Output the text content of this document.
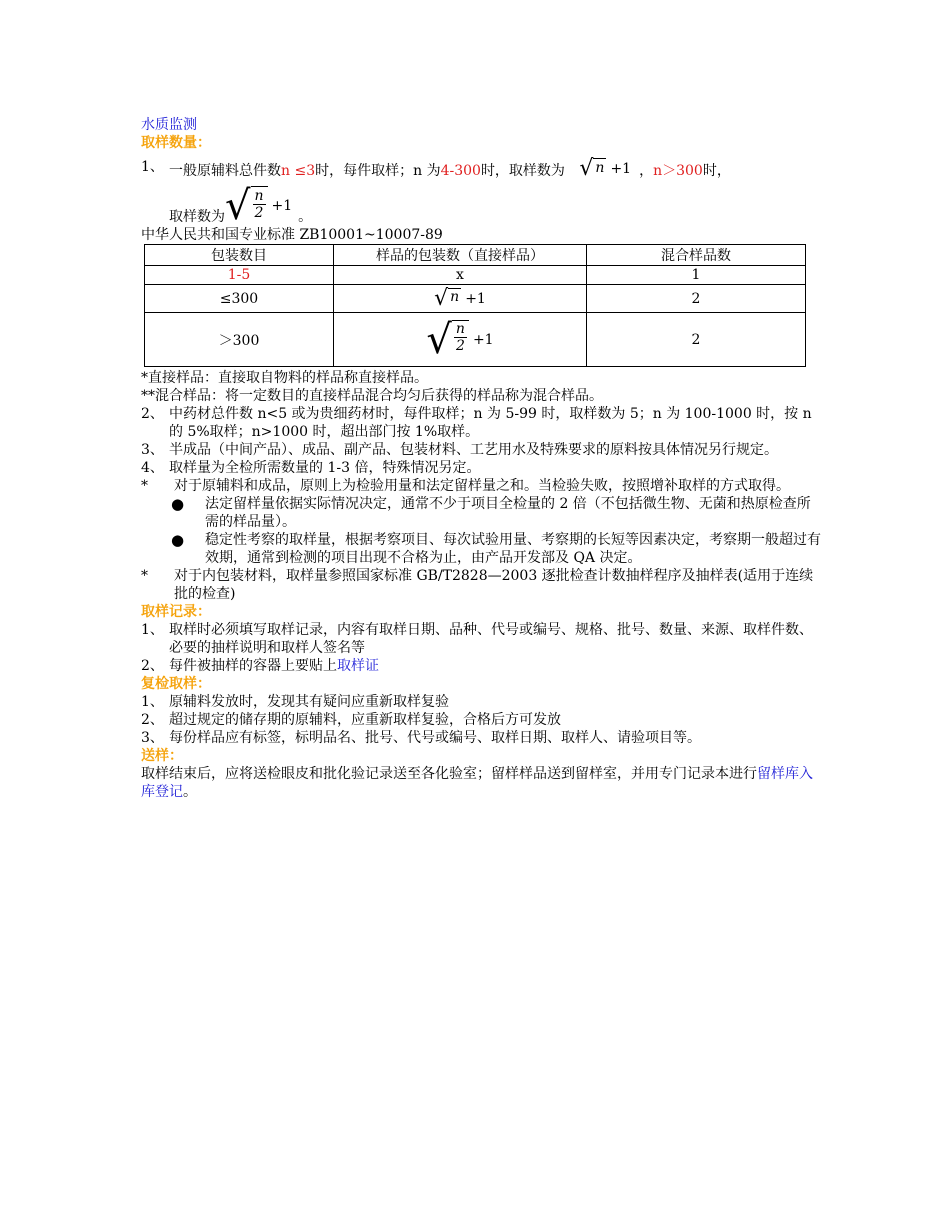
水质监测
取样数量：
1、 一般原辅料总件数n ≤3时，每件取样；n 为4-300时，取样数为 √ n +1 ，n＞300时，
取样数为 √ $\frac{n}{2} +1$
。
中华人民共和国专业标准 ZB10001~10007-89
包装数目	样品的包装数（直接样品）	混合样品数
1-5	x	1
≤300	√ n +1	2
＞300	√ $\frac{n}{2} +1$	2
*直接样品：直接取自物料的样品称直接样品。
**混合样品：将一定数目的直接样品混合均匀后获得的样品称为混合样品。
2、 中药材总件数 n<5 或为贵细药材时，每件取样；n 为 5-99 时，取样数为 5；n 为 100-1000 时，按 n 的 5%取样；n>1000 时，超出部门按 1%取样。
3、 半成品（中间产品）、成品、副产品、包装材料、工艺用水及特殊要求的原料按具体情况另行规定。
4、 取样量为全检所需数量的 1-3 倍，特殊情况另定。
*	对于原辅料和成品，原则上为检验用量和法定留样量之和。当检验失败，按照增补取样的方式取得。
●	法定留样量依据实际情况决定，通常不少于项目全检量的 2 倍（不包括微生物、无菌和热原检查所需的样品量）。
●	稳定性考察的取样量，根据考察项目、每次试验用量、考察期的长短等因素决定，考察期一般超过有效期，通常到检测的项目出现不合格为止，由产品开发部及 QA 决定。
*	对于内包装材料，取样量参照国家标准 GB/T2828—2003 逐批检查计数抽样程序及抽样表(适用于连续批的检查)
取样记录：
1、 取样时必须填写取样记录，内容有取样日期、品种、代号或编号、规格、批号、数量、来源、取样件数、必要的抽样说明和取样人签名等
2、 每件被抽样的容器上要贴上取样证
复检取样：
1、 原辅料发放时，发现其有疑问应重新取样复验
2、 超过规定的储存期的原辅料，应重新取样复验，合格后方可发放
3、 每份样品应有标签，标明品名、批号、代号或编号、取样日期、取样人、请验项目等。
送样：
取样结束后，应将送检眼皮和批化验记录送至各化验室；留样样品送到留样室，并用专门记录本进行留样库入库登记。
